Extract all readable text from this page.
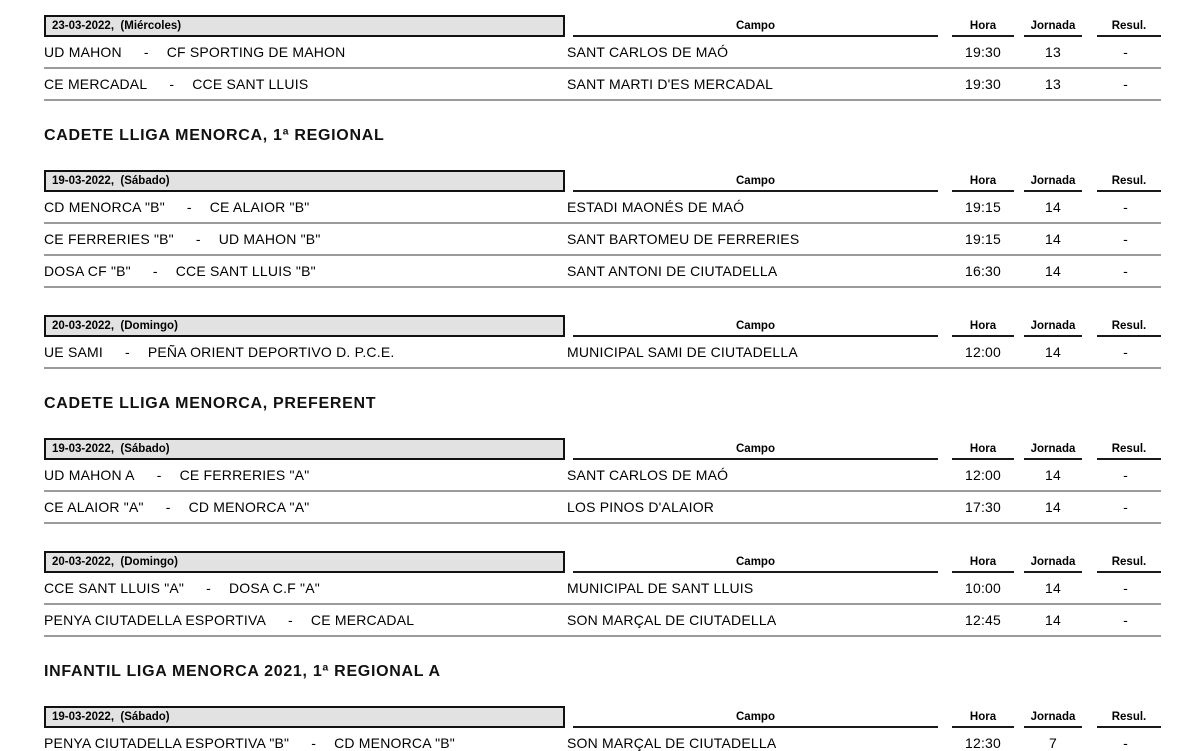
23-03-2022,  (Miércoles)	Campo	Hora	Jornada	Resul.
UD MAHON - CF SPORTING DE MAHON	SANT CARLOS DE MAÓ	19:30	13	-
CE MERCADAL - CCE SANT LLUIS	SANT MARTI D'ES MERCADAL	19:30	13	-
CADETE LLIGA MENORCA, 1ª REGIONAL
19-03-2022,  (Sábado)	Campo	Hora	Jornada	Resul.
CD MENORCA "B" - CE ALAIOR "B"	ESTADI MAONÉS DE MAÓ	19:15	14	-
CE FERRERIES "B" - UD MAHON "B"	SANT BARTOMEU DE FERRERIES	19:15	14	-
DOSA CF "B" - CCE SANT LLUIS "B"	SANT ANTONI DE CIUTADELLA	16:30	14	-
20-03-2022,  (Domingo)	Campo	Hora	Jornada	Resul.
UE SAMI - PEÑA ORIENT DEPORTIVO D. P.C.E.	MUNICIPAL SAMI DE CIUTADELLA	12:00	14	-
CADETE LLIGA MENORCA, PREFERENT
19-03-2022,  (Sábado)	Campo	Hora	Jornada	Resul.
UD MAHON A - CE FERRERIES "A"	SANT CARLOS DE MAÓ	12:00	14	-
CE ALAIOR "A" - CD MENORCA "A"	LOS PINOS D'ALAIOR	17:30	14	-
20-03-2022,  (Domingo)	Campo	Hora	Jornada	Resul.
CCE SANT LLUIS "A" - DOSA C.F "A"	MUNICIPAL DE SANT LLUIS	10:00	14	-
PENYA CIUTADELLA ESPORTIVA - CE MERCADAL	SON MARÇAL DE CIUTADELLA	12:45	14	-
INFANTIL LIGA MENORCA 2021, 1ª REGIONAL A
19-03-2022,  (Sábado)	Campo	Hora	Jornada	Resul.
PENYA CIUTADELLA ESPORTIVA "B" - CD MENORCA "B"	SON MARÇAL DE CIUTADELLA	12:30	7	-
